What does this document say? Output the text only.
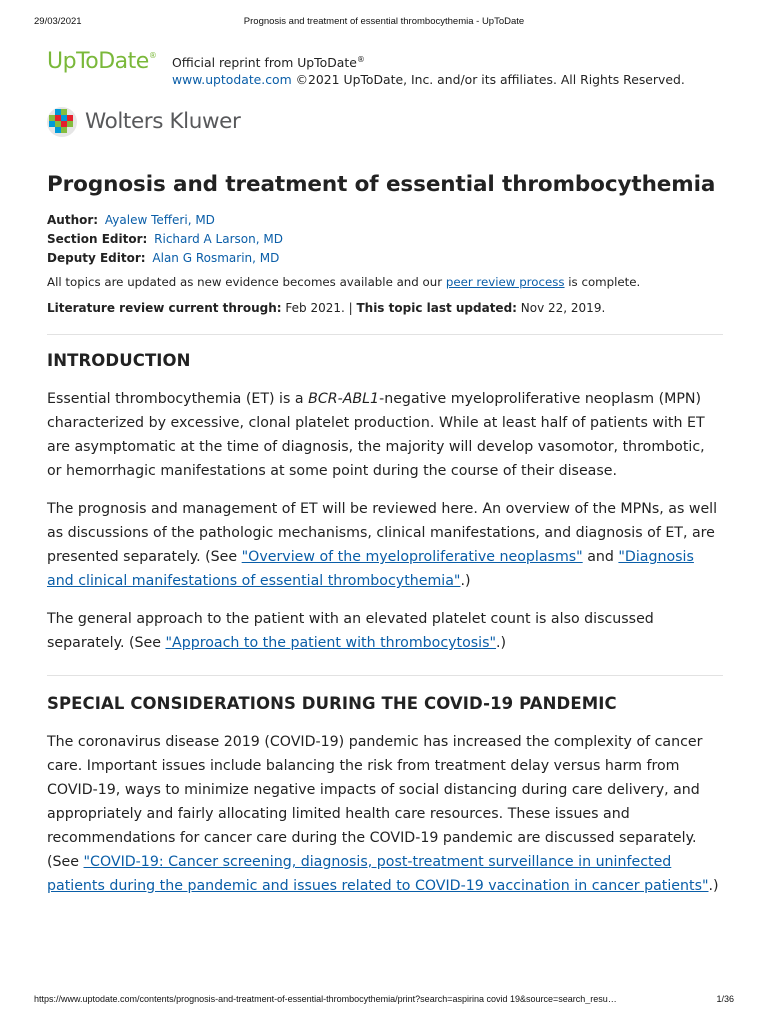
29/03/2021	Prognosis and treatment of essential thrombocythemia - UpToDate
UpToDate® Official reprint from UpToDate®
www.uptodate.com ©2021 UpToDate, Inc. and/or its affiliates. All Rights Reserved.
Wolters Kluwer
Prognosis and treatment of essential thrombocythemia
Author: Ayalew Tefferi, MD
Section Editor: Richard A Larson, MD
Deputy Editor: Alan G Rosmarin, MD
All topics are updated as new evidence becomes available and our peer review process is complete.
Literature review current through: Feb 2021. | This topic last updated: Nov 22, 2019.
INTRODUCTION

Essential thrombocythemia (ET) is a BCR-ABL1-negative myeloproliferative neoplasm (MPN) characterized by excessive, clonal platelet production. While at least half of patients with ET are asymptomatic at the time of diagnosis, the majority will develop vasomotor, thrombotic, or hemorrhagic manifestations at some point during the course of their disease.

The prognosis and management of ET will be reviewed here. An overview of the MPNs, as well as discussions of the pathologic mechanisms, clinical manifestations, and diagnosis of ET, are presented separately. (See "Overview of the myeloproliferative neoplasms" and "Diagnosis and clinical manifestations of essential thrombocythemia".)

The general approach to the patient with an elevated platelet count is also discussed separately. (See "Approach to the patient with thrombocytosis".)

SPECIAL CONSIDERATIONS DURING THE COVID-19 PANDEMIC

The coronavirus disease 2019 (COVID-19) pandemic has increased the complexity of cancer care. Important issues include balancing the risk from treatment delay versus harm from COVID-19, ways to minimize negative impacts of social distancing during care delivery, and appropriately and fairly allocating limited health care resources. These issues and recommendations for cancer care during the COVID-19 pandemic are discussed separately. (See "COVID-19: Cancer screening, diagnosis, post-treatment surveillance in uninfected patients during the pandemic and issues related to COVID-19 vaccination in cancer patients".)

https://www.uptodate.com/contents/prognosis-and-treatment-of-essential-thrombocythemia/print?search=aspirina covid 19&source=search_resu…	1/36
